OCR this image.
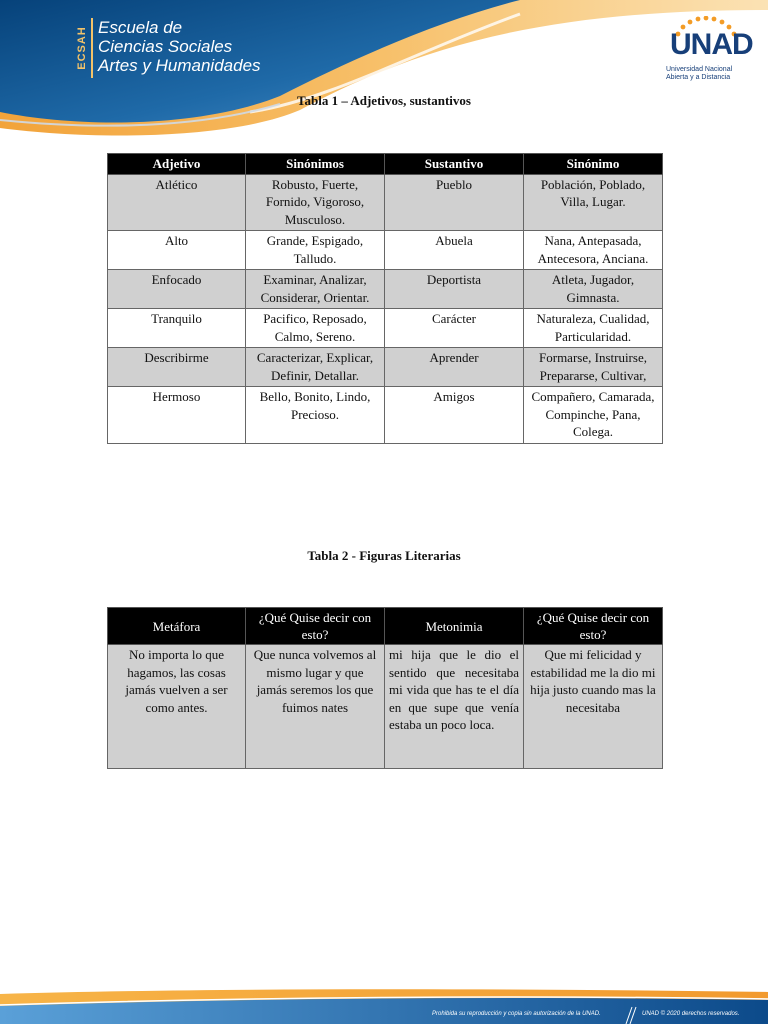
ECSAH Escuela de
Ciencias Sociales
Artes y Humanidades
UNAD
Universidad Nacional
Abierta y a Distancia
Tabla 1 – Adjetivos, sustantivos
Adjetivo	Sinónimos	Sustantivo	Sinónimo
Atlético	Robusto, Fuerte, Fornido, Vigoroso, Musculoso.	Pueblo	Población, Poblado, Villa, Lugar.
Alto	Grande, Espigado, Talludo.	Abuela	Nana, Antepasada, Antecesora, Anciana.
Enfocado	Examinar, Analizar, Considerar, Orientar.	Deportista	Atleta, Jugador, Gimnasta.
Tranquilo	Pacifico, Reposado, Calmo, Sereno.	Carácter	Naturaleza, Cualidad, Particularidad.
Describirme	Caracterizar, Explicar, Definir, Detallar.	Aprender	Formarse, Instruirse, Prepararse, Cultivar,
Hermoso	Bello, Bonito, Lindo, Precioso.	Amigos	Compañero, Camarada, Compinche, Pana, Colega.
Tabla 2 - Figuras Literarias
Metáfora	¿Qué Quise decir con esto?	Metonimia	¿Qué Quise decir con esto?
No importa lo que hagamos, las cosas jamás vuelven a ser como antes.	Que nunca volvemos al mismo lugar y que jamás seremos los que fuimos nates	mi hija que le dio el sentido que necesitaba mi vida que has te el día en que supe que venía estaba un poco loca.	Que mi felicidad y estabilidad me la dio mi hija justo cuando mas la necesitaba
Prohibida su reproducción y copia sin autorización de la UNAD.	UNAD © 2020 derechos reservados.
